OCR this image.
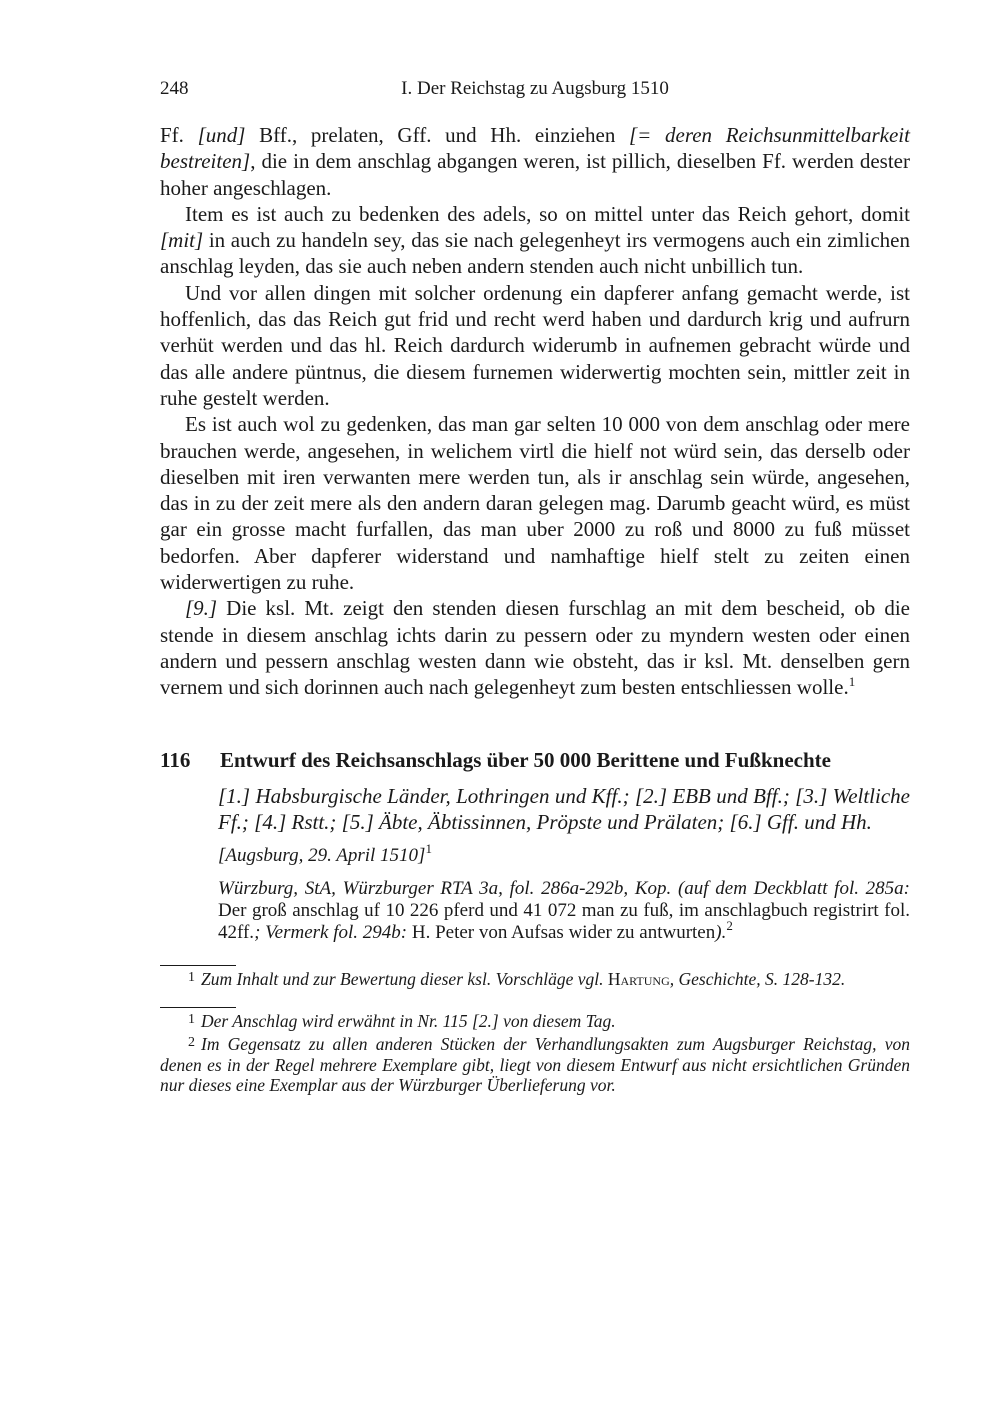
248	I. Der Reichstag zu Augsburg 1510

Ff. [und] Bff., prelaten, Gff. und Hh. einziehen [= deren Reichsunmittelbarkeit bestreiten], die in dem anschlag abgangen weren, ist pillich, dieselben Ff. werden dester hoher angeschlagen.

Item es ist auch zu bedenken des adels, so on mittel unter das Reich gehort, domit [mit] in auch zu handeln sey, das sie nach gelegenheyt irs vermogens auch ein zimlichen anschlag leyden, das sie auch neben andern stenden auch nicht unbillich tun.

Und vor allen dingen mit solcher ordenung ein dapferer anfang gemacht werde, ist hoffenlich, das das Reich gut frid und recht werd haben und dardurch krig und aufrurn verhüt werden und das hl. Reich dardurch widerumb in aufnemen gebracht würde und das alle andere püntnus, die diesem furnemen widerwertig mochten sein, mittler zeit in ruhe gestelt werden.

Es ist auch wol zu gedenken, das man gar selten 10 000 von dem anschlag oder mere brauchen werde, angesehen, in welichem virtl die hielf not würd sein, das derselb oder dieselben mit iren verwanten mere werden tun, als ir anschlag sein würde, angesehen, das in zu der zeit mere als den andern daran gelegen mag. Darumb geacht würd, es müst gar ein grosse macht furfallen, das man uber 2000 zu roß und 8000 zu fuß müsset bedorfen. Aber dapferer widerstand und namhaftige hielf stelt zu zeiten einen widerwertigen zu ruhe.

[9.] Die ksl. Mt. zeigt den stenden diesen furschlag an mit dem bescheid, ob die stende in diesem anschlag ichts darin zu pessern oder zu myndern westen oder einen andern und pessern anschlag westen dann wie obsteht, das ir ksl. Mt. denselben gern vernem und sich dorinnen auch nach gelegenheyt zum besten entschliessen wolle.$^1$

116 Entwurf des Reichsanschlags über 50 000 Berittene und Fußknechte
[1.] Habsburgische Länder, Lothringen und Kff.; [2.] EBB und Bff.; [3.] Weltliche Ff.; [4.] Rstt.; [5.] Äbte, Äbtissinnen, Pröpste und Prälaten; [6.] Gff. und Hh.
[Augsburg, 29. April 1510]$^1$
Würzburg, StA, Würzburger RTA 3a, fol. 286a-292b, Kop. (auf dem Deckblatt fol. 285a: Der groß anschlag uf 10 226 pferd und 41 072 man zu fuß, im anschlagbuch registrirt fol. 42ff.; Vermerk fol. 294b: H. Peter von Aufsas wider zu antwurten).$^2$
1 Zum Inhalt und zur Bewertung dieser ksl. Vorschläge vgl. Hartung, Geschichte, S. 128-132.
1 Der Anschlag wird erwähnt in Nr. 115 [2.] von diesem Tag.
2 Im Gegensatz zu allen anderen Stücken der Verhandlungsakten zum Augsburger Reichstag, von denen es in der Regel mehrere Exemplare gibt, liegt von diesem Entwurf aus nicht ersichtlichen Gründen nur dieses eine Exemplar aus der Würzburger Überlieferung vor.
